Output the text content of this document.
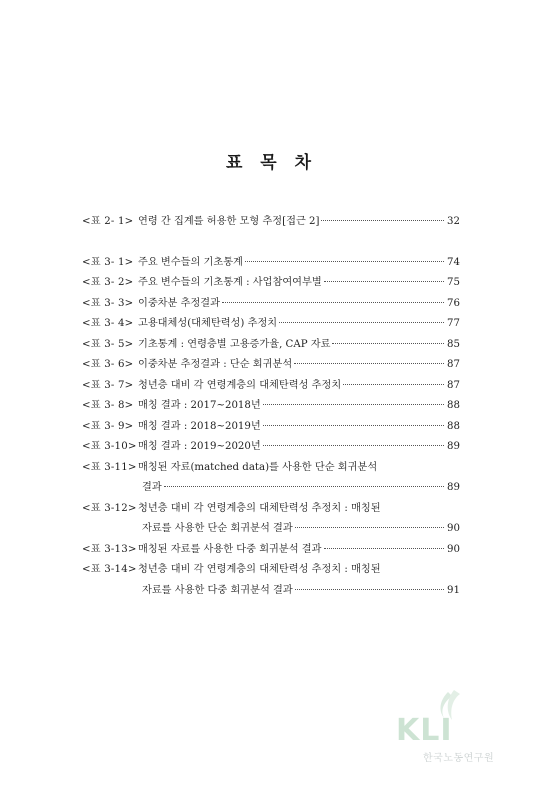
표 목 차
<표 2- 1> 연령 간 집계를 허용한 모형 추정[접근 2]	32
<표 3- 1> 주요 변수들의 기초통계	74
<표 3- 2> 주요 변수들의 기초통계 : 사업참여여부별	75
<표 3- 3> 이중차분 추정결과	76
<표 3- 4> 고용대체성(대체탄력성) 추정치	77
<표 3- 5> 기초통계 : 연령층별 고용증가율, CAP 자료	85
<표 3- 6> 이중차분 추정결과 : 단순 회귀분석	87
<표 3- 7> 청년층 대비 각 연령계층의 대체탄력성 추정치	87
<표 3- 8> 매칭 결과 : 2017~2018년	88
<표 3- 9> 매칭 결과 : 2018~2019년	88
<표 3-10> 매칭 결과 : 2019~2020년	89
<표 3-11> 매칭된 자료(matched data)를 사용한 단순 회귀분석
결과	89
<표 3-12> 청년층 대비 각 연령계층의 대체탄력성 추정치 : 매칭된
자료를 사용한 단순 회귀분석 결과	90
<표 3-13> 매칭된 자료를 사용한 다중 회귀분석 결과	90
<표 3-14> 청년층 대비 각 연령계층의 대체탄력성 추정치 : 매칭된
자료를 사용한 다중 회귀분석 결과	91
KLI
한국노동연구원
